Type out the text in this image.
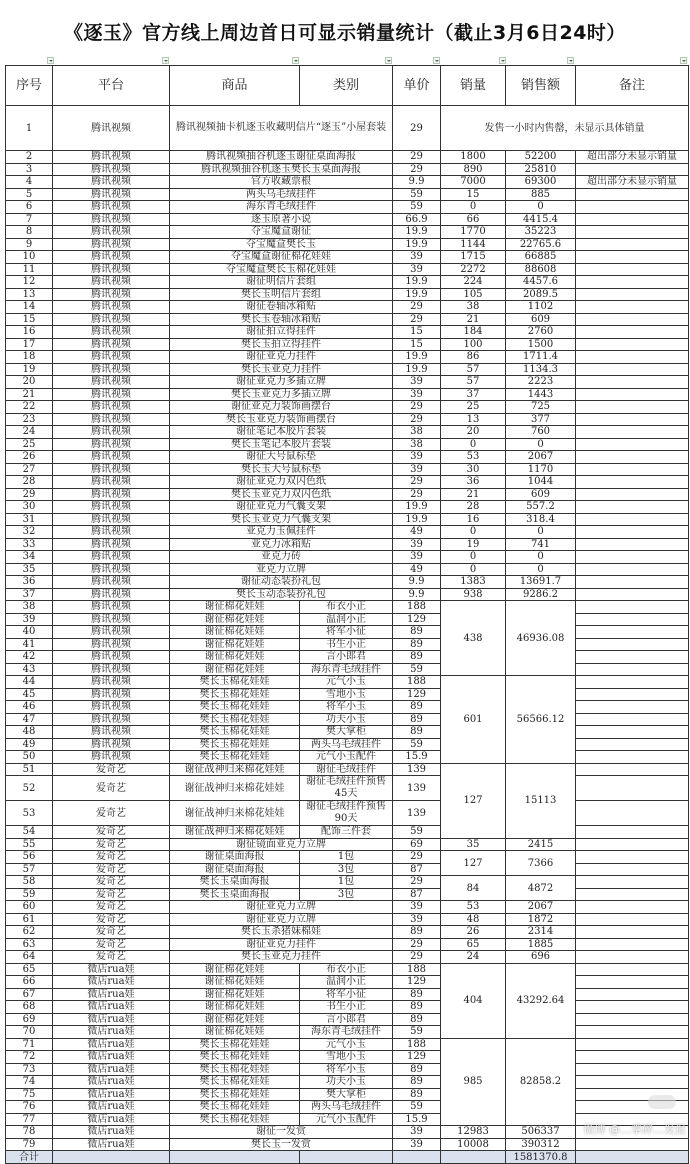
《逐玉》官方线上周边首日可显示销量统计（截止3月6日24时）
序号	平台	商品	类别	单价	销量	销售额	备注
1	腾讯视频	腾讯视频抽卡机逐玉收藏明信片“逐玉”小屋套装		29	发售一小时内售罄，未显示具体销量		
2	腾讯视频	腾讯视频抽谷机逐玉谢征桌面海报		29	1800	52200	超出部分未显示销量
3	腾讯视频	腾讯视频抽谷机逐玉樊长玉桌面海报		29	890	25810	
4	腾讯视频	官方收藏票根		9.9	7000	69300	超出部分未显示销量
5	腾讯视频	两头乌毛绒挂件		59	15	885	
6	腾讯视频	海东青毛绒挂件		59	0	0	
7	腾讯视频	逐玉原著小说		66.9	66	4415.4	
8	腾讯视频	夺宝魔盒谢征		19.9	1770	35223	
9	腾讯视频	夺宝魔盒樊长玉		19.9	1144	22765.6	
10	腾讯视频	夺宝魔盒谢征棉花娃娃		39	1715	66885	
11	腾讯视频	夺宝魔盒樊长玉棉花娃娃		39	2272	88608	
12	腾讯视频	谢征明信片套组		19.9	224	4457.6	
13	腾讯视频	樊长玉明信片套组		19.9	105	2089.5	
14	腾讯视频	谢征卷轴冰箱贴		29	38	1102	
15	腾讯视频	樊长玉卷轴冰箱贴		29	21	609	
16	腾讯视频	谢征拍立得挂件		15	184	2760	
17	腾讯视频	樊长玉拍立得挂件		15	100	1500	
18	腾讯视频	谢征亚克力挂件		19.9	86	1711.4	
19	腾讯视频	樊长玉亚克力挂件		19.9	57	1134.3	
20	腾讯视频	谢征亚克力多插立牌		39	57	2223	
21	腾讯视频	樊长玉亚克力多插立牌		39	37	1443	
22	腾讯视频	谢征亚克力装饰画摆台		29	25	725	
23	腾讯视频	樊长玉亚克力装饰画摆台		29	13	377	
24	腾讯视频	谢征笔记本胶片套装		38	20	760	
25	腾讯视频	樊长玉笔记本胶片套装		38	0	0	
26	腾讯视频	谢征大号鼠标垫		39	53	2067	
27	腾讯视频	樊长玉大号鼠标垫		39	30	1170	
28	腾讯视频	谢征亚克力双闪色纸		29	36	1044	
29	腾讯视频	樊长玉亚克力双闪色纸		29	21	609	
30	腾讯视频	谢征亚克力气囊支架		19.9	28	557.2	
31	腾讯视频	樊长玉亚克力气囊支架		19.9	16	318.4	
32	腾讯视频	亚克力玉佩挂件		49	0	0	
33	腾讯视频	亚克力冰箱贴		39	19	741	
34	腾讯视频	亚克力砖		39	0	0	
35	腾讯视频	亚克力立牌		49	0	0	
36	腾讯视频	谢征动态装扮礼包		9.9	1383	13691.7	
37	腾讯视频	樊长玉动态装扮礼包		9.9	938	9286.2	
38	腾讯视频	谢征棉花娃娃	布衣小正	188	438	46936.08	
39	腾讯视频	谢征棉花娃娃	温润小正	129			
40	腾讯视频	谢征棉花娃娃	将军小征	89			
41	腾讯视频	谢征棉花娃娃	书生小正	89			
42	腾讯视频	谢征棉花娃娃	言小郎君	89			
43	腾讯视频	谢征棉花娃娃	海东青毛绒挂件	59			
44	腾讯视频	樊长玉棉花娃娃	元气小玉	188	601	56566.12	
45	腾讯视频	樊长玉棉花娃娃	雪地小玉	129			
46	腾讯视频	樊长玉棉花娃娃	将军小玉	89			
47	腾讯视频	樊长玉棉花娃娃	功夫小玉	89			
48	腾讯视频	樊长玉棉花娃娃	樊大掌柜	89			
49	腾讯视频	樊长玉棉花娃娃	两头乌毛绒挂件	59			
50	腾讯视频	樊长玉棉花娃娃	元气小玉配件	15.9			
51	爱奇艺	谢征战神归来棉花娃娃	谢征毛绒挂件	139	127	15113	
52	爱奇艺	谢征战神归来棉花娃娃	谢征毛绒挂件预售45天	139			
53	爱奇艺	谢征战神归来棉花娃娃	谢征毛绒挂件预售90天	139			
54	爱奇艺	谢征战神归来棉花娃娃	配饰三件套	59			
55	爱奇艺	谢征镜面亚克力立牌		69	35	2415	
56	爱奇艺	谢征桌面海报	1包	29	127	7366	
57	爱奇艺	谢征桌面海报	3包	87			
58	爱奇艺	樊长玉桌面海报	1包	29	84	4872	
59	爱奇艺	樊长玉桌面海报	3包	87			
60	爱奇艺	谢征亚克力立牌		39	53	2067	
61	爱奇艺	谢征亚克力立牌		39	48	1872	
62	爱奇艺	樊长玉杀猪妹棉娃		89	26	2314	
63	爱奇艺	谢征亚克力挂件		29	65	1885	
64	爱奇艺	樊长玉亚克力挂件		29	24	696	
65	微店rua娃	谢征棉花娃娃	布衣小正	188	404	43292.64	
66	微店rua娃	谢征棉花娃娃	温润小正	129			
67	微店rua娃	谢征棉花娃娃	将军小征	89			
68	微店rua娃	谢征棉花娃娃	书生小正	89			
69	微店rua娃	谢征棉花娃娃	言小郎君	89			
70	微店rua娃	谢征棉花娃娃	海东青毛绒挂件	59			
71	微店rua娃	樊长玉棉花娃娃	元气小玉	188	985	82858.2	
72	微店rua娃	樊长玉棉花娃娃	雪地小玉	129			
73	微店rua娃	樊长玉棉花娃娃	将军小玉	89			
74	微店rua娃	樊长玉棉花娃娃	功夫小玉	89			
75	微店rua娃	樊长玉棉花娃娃	樊大掌柜	89			
76	微店rua娃	樊长玉棉花娃娃	两头乌毛绒挂件	59			
77	微店rua娃	樊长玉棉花娃娃	元气小玉配件	15.9			
78	微店rua娃	谢征一发赏		39	12983	506337	
79	微店rua娃	樊长玉一发赏		39	10008	390312	
合计						1581370.8	
微博 @…掌碎…发报
